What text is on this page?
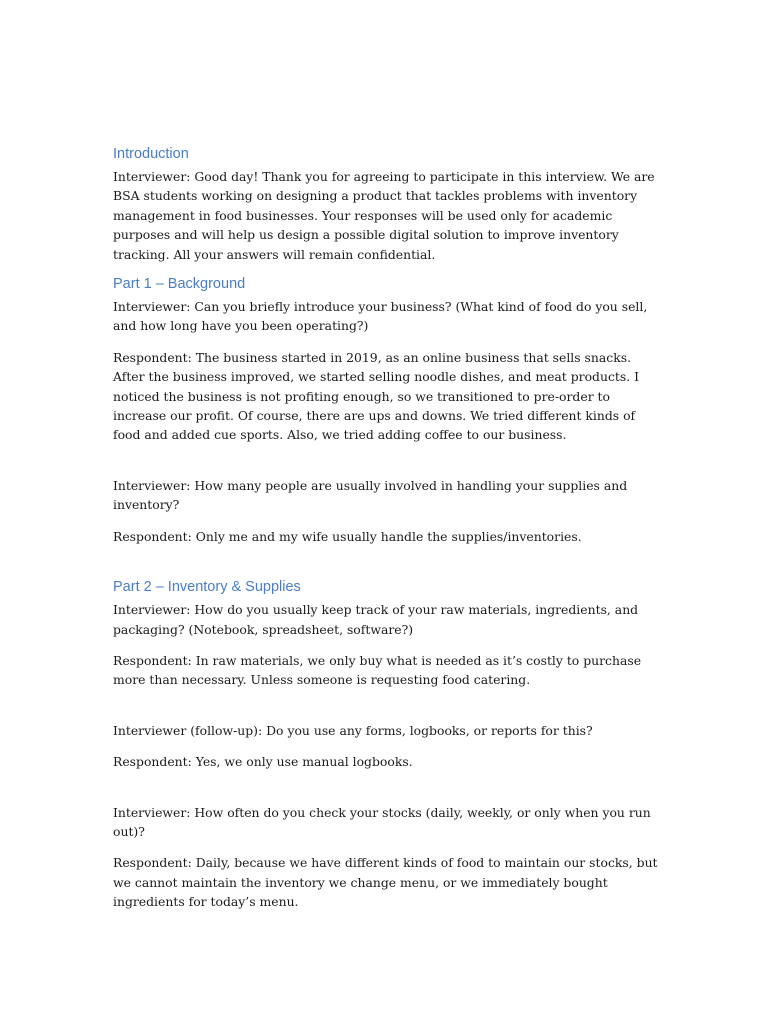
Introduction

Interviewer: Good day! Thank you for agreeing to participate in this interview. We are BSA students working on designing a product that tackles problems with inventory management in food businesses. Your responses will be used only for academic purposes and will help us design a possible digital solution to improve inventory tracking. All your answers will remain confidential.

Part 1 – Background

Interviewer: Can you briefly introduce your business? (What kind of food do you sell, and how long have you been operating?)

Respondent: The business started in 2019, as an online business that sells snacks. After the business improved, we started selling noodle dishes, and meat products. I noticed the business is not profiting enough, so we transitioned to pre-order to increase our profit. Of course, there are ups and downs. We tried different kinds of food and added cue sports. Also, we tried adding coffee to our business.

Interviewer: How many people are usually involved in handling your supplies and inventory?

Respondent: Only me and my wife usually handle the supplies/inventories.

Part 2 – Inventory & Supplies

Interviewer: How do you usually keep track of your raw materials, ingredients, and packaging? (Notebook, spreadsheet, software?)

Respondent: In raw materials, we only buy what is needed as it’s costly to purchase more than necessary. Unless someone is requesting food catering.

Interviewer (follow-up): Do you use any forms, logbooks, or reports for this?

Respondent: Yes, we only use manual logbooks.

Interviewer: How often do you check your stocks (daily, weekly, or only when you run out)?

Respondent: Daily, because we have different kinds of food to maintain our stocks, but we cannot maintain the inventory we change menu, or we immediately bought ingredients for today’s menu.
